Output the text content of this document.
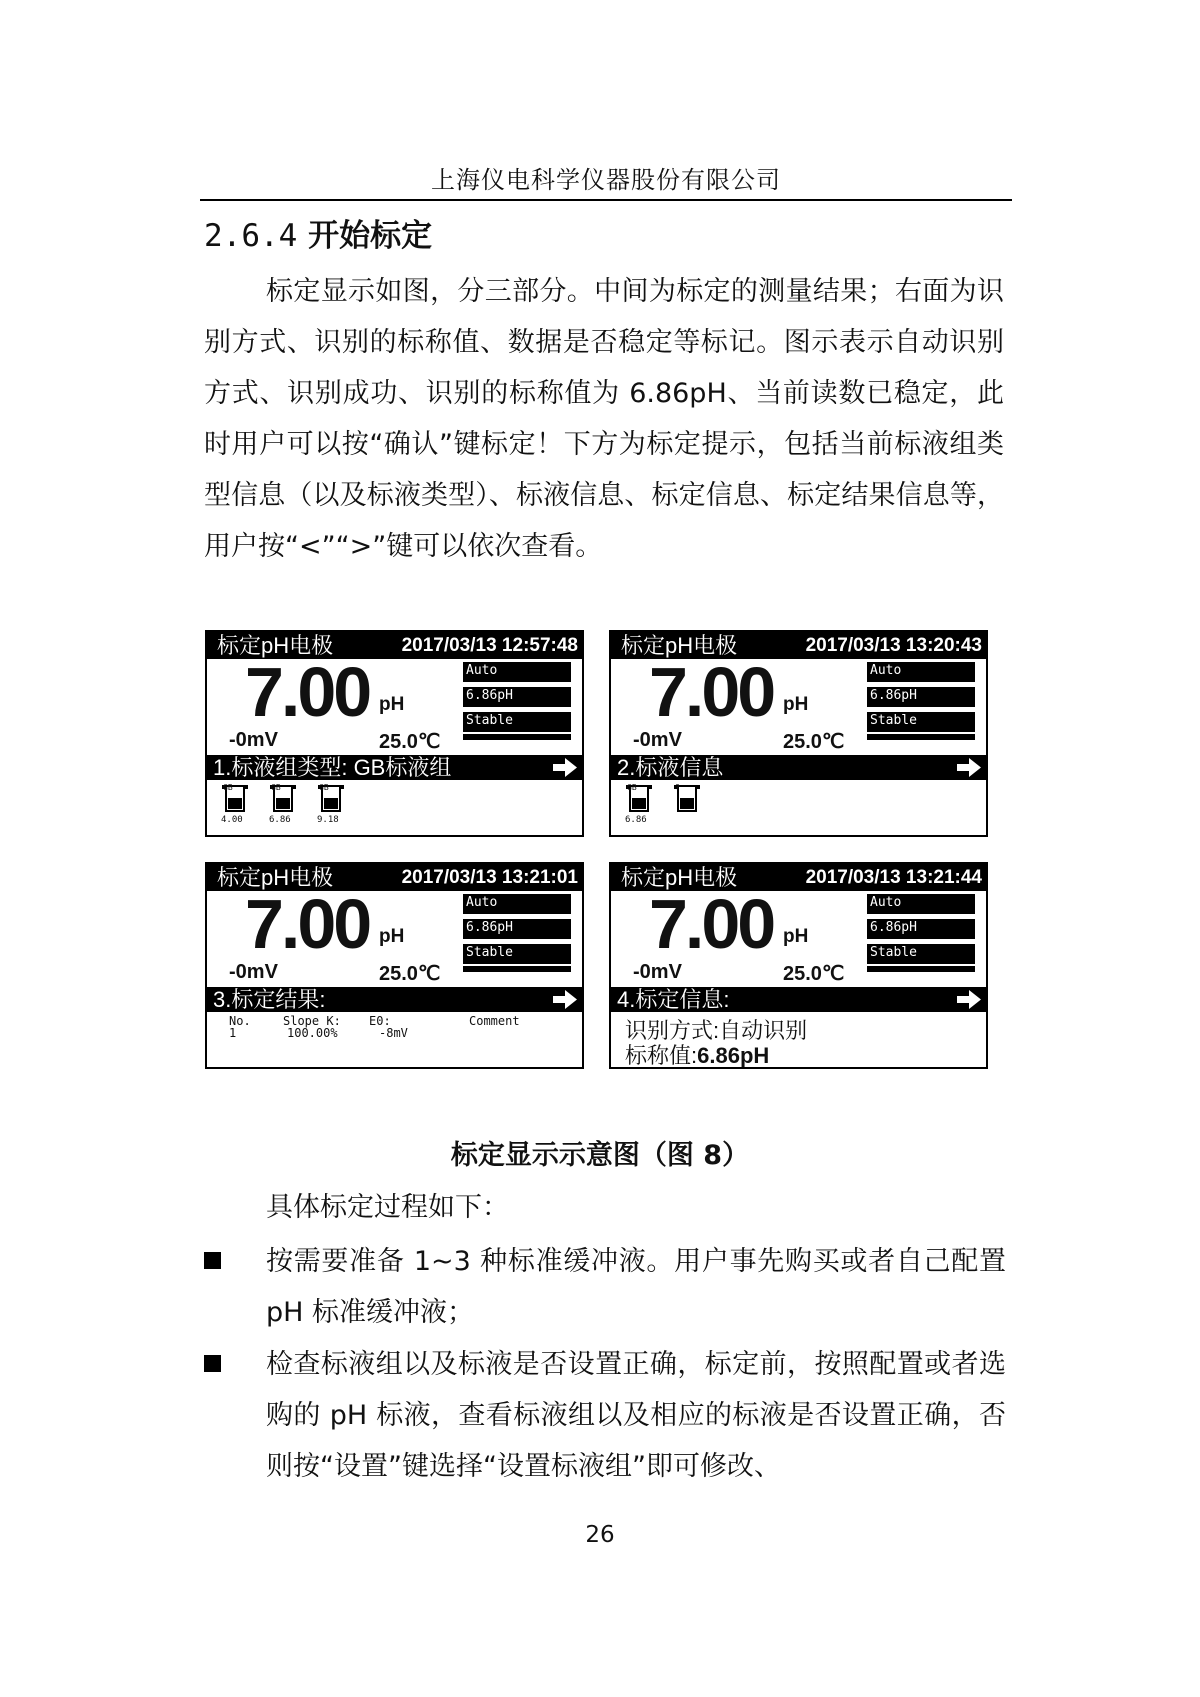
上海仪电科学仪器股份有限公司
2.6.4 开始标定
标定显示如图，分三部分。中间为标定的测量结果；右面为识别方式、识别的标称值、数据是否稳定等标记。图示表示自动识别方式、识别成功、识别的标称值为 6.86pH、当前读数已稳定，此时用户可以按“确认”键标定！下方为标定提示，包括当前标液组类型信息（以及标液类型）、标液信息、标定信息、标定结果信息等，用户按“<”“>”键可以依次查看。
标定pH电极	2017/03/13 12:57:48
7.00 pH
-0mV	25.0℃
Auto
6.86pH
Stable
1.标液组类型: GB标液组
GB
4.00
GB
6.86
GB
9.18
标定pH电极	2017/03/13 13:20:43
7.00 pH
-0mV	25.0℃
Auto
6.86pH
Stable
2.标液信息
GB
6.86
?
标定pH电极	2017/03/13 13:21:01
7.00 pH
-0mV	25.0℃
Auto
6.86pH
Stable
3.标定结果:
No.	Slope K: E0:	Comment
1	100.00%	-8mV
标定pH电极	2017/03/13 13:21:44
7.00 pH
-0mV	25.0℃
Auto
6.86pH
Stable
4.标定信息:
识别方式:自动识别
标称值:6.86pH
标定显示示意图（图 8）
具体标定过程如下：
按需要准备 1~3 种标准缓冲液。用户事先购买或者自己配置 pH 标准缓冲液；
检查标液组以及标液是否设置正确，标定前，按照配置或者选购的 pH 标液，查看标液组以及相应的标液是否设置正确，否则按“设置”键选择“设置标液组”即可修改、
26
